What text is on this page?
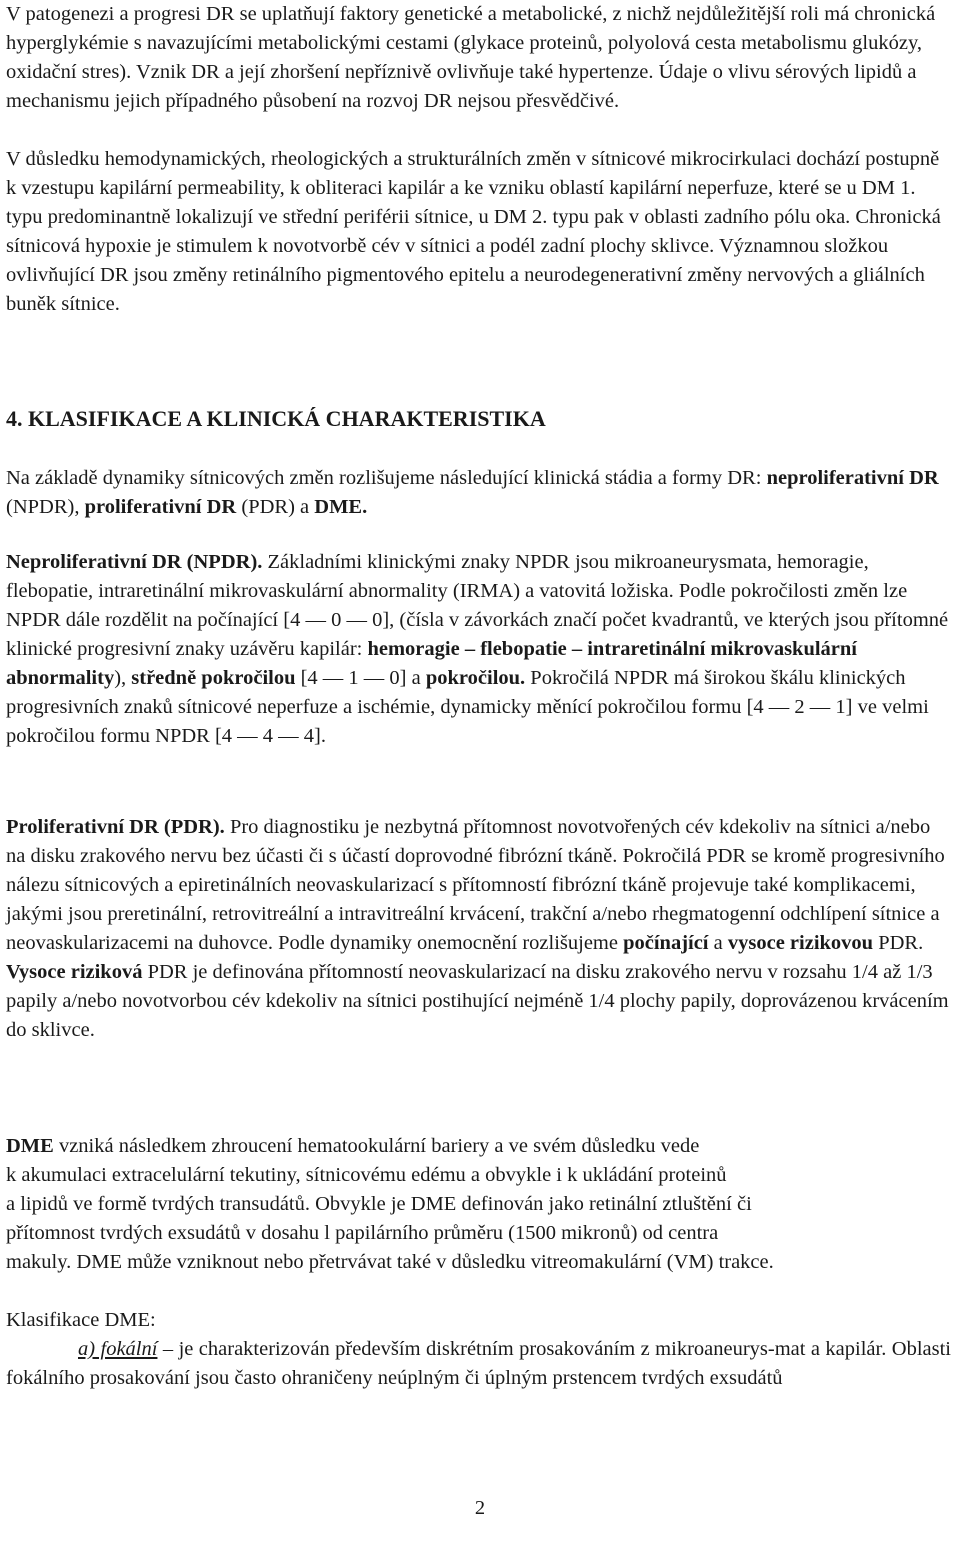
V patogenezi a progresi DR se uplatňují faktory genetické a metabolické, z nichž nejdůležitější roli má chronická hyperglykémie s navazujícími metabolickými cestami (glykace proteinů, polyolová cesta metabolismu glukózy, oxidační stres). Vznik DR a její zhoršení nepříznivě ovlivňuje také hypertenze. Údaje o vlivu sérových lipidů a mechanismu jejich případného působení na rozvoj DR nejsou přesvědčivé.

V důsledku hemodynamických, rheologických a strukturálních změn v sítnicové mikrocirkulaci dochází postupně k vzestupu kapilární permeability, k obliteraci kapilár a ke vzniku oblastí kapilární neperfuze, které se u DM 1. typu predominantně lokalizují ve střední periférii sítnice, u DM 2. typu pak v oblasti zadního pólu oka. Chronická sítnicová hypoxie je stimulem k novotvorbě cév v sítnici a podél zadní plochy sklivce. Významnou složkou ovlivňující DR jsou změny retinálního pigmentového epitelu a neurodegenerativní změny nervových a gliálních buněk sítnice.

4. KLASIFIKACE A KLINICKÁ CHARAKTERISTIKA

Na základě dynamiky sítnicových změn rozlišujeme následující klinická stádia a formy DR: neproliferativní DR (NPDR), proliferativní DR (PDR) a DME.

Neproliferativní DR (NPDR). Základními klinickými znaky NPDR jsou mikroaneurysmata, hemoragie, flebopatie, intraretinální mikrovaskulární abnormality (IRMA) a vatovitá ložiska. Podle pokročilosti změn lze NPDR dále rozdělit na počínající [4 — 0 — 0], (čísla v závorkách značí počet kvadrantů, ve kterých jsou přítomné klinické progresivní znaky uzávěru kapilár: hemoragie – flebopatie – intraretinální mikrovaskulární abnormality), středně pokročilou [4 — 1 — 0] a pokročilou. Pokročilá NPDR má širokou škálu klinických progresivních znaků sítnicové neperfuze a ischémie, dynamicky měnící pokročilou formu [4 — 2 — 1] ve velmi pokročilou formu NPDR [4 — 4 — 4].

Proliferativní DR (PDR). Pro diagnostiku je nezbytná přítomnost novotvořených cév kdekoliv na sítnici a/nebo na disku zrakového nervu bez účasti či s účastí doprovodné fibrózní tkáně. Pokročilá PDR se kromě progresivního nálezu sítnicových a epiretinálních neovaskularizací s přítomností fibrózní tkáně projevuje také komplikacemi, jakými jsou preretinální, retrovitreální a intravitreální krvácení, trakční a/nebo rhegmatogenní odchlípení sítnice a neovaskularizacemi na duhovce. Podle dynamiky onemocnění rozlišujeme počínající a vysoce rizikovou PDR. Vysoce riziková PDR je definována přítomností neovaskularizací na disku zrakového nervu v rozsahu 1/4 až 1/3 papily a/nebo novotvorbou cév kdekoliv na sítnici postihující nejméně 1/4 plochy papily, doprovázenou krvácením do sklivce.

DME vzniká následkem zhroucení hematookulární bariery a ve svém důsledku vede
k akumulaci extracelulární tekutiny, sítnicovému edému a obvykle i k ukládání proteinů
a lipidů ve formě tvrdých transudátů. Obvykle je DME definován jako retinální ztluštění či
přítomnost tvrdých exsudátů v dosahu l papilárního průměru (1500 mikronů) od centra
makuly. DME může vzniknout nebo přetrvávat také v důsledku vitreomakulární (VM) trakce.
Klasifikace DME:
a) fokální – je charakterizován především diskrétním prosakováním z mikroaneurys-mat a kapilár. Oblasti fokálního prosakování jsou často ohraničeny neúplným či úplným prstencem tvrdých exsudátů
2
